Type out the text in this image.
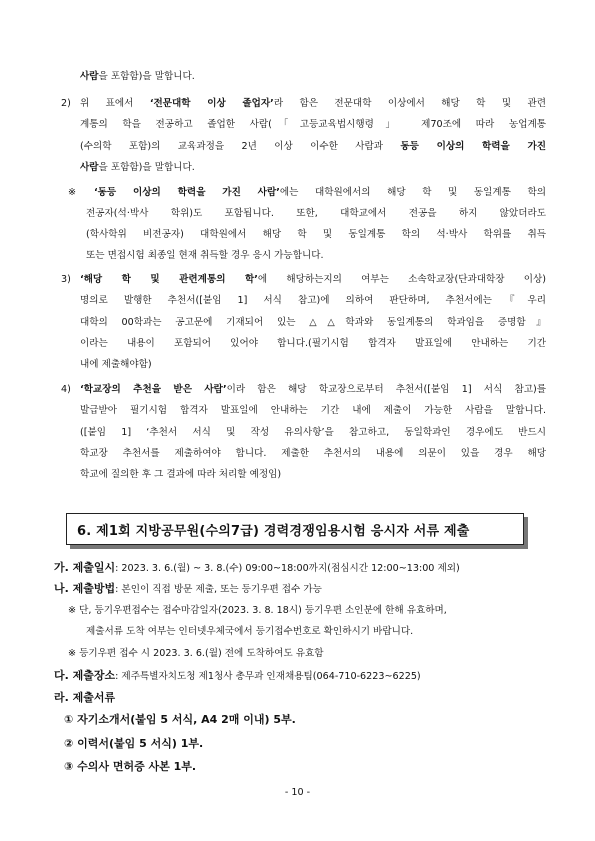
사람을 포함함)을 말합니다.
2) 위 표에서 ‘전문대학 이상 졸업자’라 함은 전문대학 이상에서 해당 학 및 관련
계통의 학을 전공하고 졸업한 사람(「고등교육법시행령」 제70조에 따라 농업계통
(수의학 포함)의 교육과정을 2년 이상 이수한 사람과 동등 이상의 학력을 가진
사람을 포함함)을 말합니다.
※ ‘동등 이상의 학력을 가진 사람’에는 대학원에서의 해당 학 및 동일계통 학의
전공자(석·박사 학위)도 포함됩니다. 또한, 대학교에서 전공을 하지 않았더라도
(학사학위 비전공자) 대학원에서 해당 학 및 동일계통 학의 석·박사 학위를 취득
또는 면접시험 최종일 현재 취득할 경우 응시 가능합니다.
3) ‘해당 학 및 관련계통의 학’에 해당하는지의 여부는 소속학교장(단과대학장 이상)
명의로 발행한 추천서([붙임 1] 서식 참고)에 의하여 판단하며, 추천서에는『우리
대학의 00학과는 공고문에 기재되어 있는 △△학과와 동일계통의 학과임을 증명함』
이라는 내용이 포함되어 있어야 합니다.(필기시험 합격자 발표일에 안내하는 기간
내에 제출해야함)
4) ‘학교장의 추천을 받은 사람’이라 함은 해당 학교장으로부터 추천서([붙임 1] 서식 참고)를
발급받아 필기시험 합격자 발표일에 안내하는 기간 내에 제출이 가능한 사람을 말합니다.
([붙임 1] ‘추천서 서식 및 작성 유의사항’을 참고하고, 동일학과인 경우에도 반드시
학교장 추천서를 제출하여야 합니다. 제출한 추천서의 내용에 의문이 있을 경우 해당
학교에 질의한 후 그 결과에 따라 처리할 예정임)
6. 제1회 지방공무원(수의7급) 경력경쟁임용시험 응시자 서류 제출
가. 제출일시: 2023. 3. 6.(월) ~ 3. 8.(수) 09:00~18:00까지(점심시간 12:00~13:00 제외)
나. 제출방법: 본인이 직접 방문 제출, 또는 등기우편 접수 가능
※ 단, 등기우편접수는 접수마감일자(2023. 3. 8. 18시) 등기우편 소인분에 한해 유효하며,
제출서류 도착 여부는 인터넷우체국에서 등기접수번호로 확인하시기 바랍니다.
※ 등기우편 접수 시 2023. 3. 6.(월) 전에 도착하여도 유효함
다. 제출장소: 제주특별자치도청 제1청사 총무과 인재채용팀(064-710-6223~6225)
라. 제출서류
① 자기소개서(붙임 5 서식, A4 2매 이내) 5부.
② 이력서(붙임 5 서식) 1부.
③ 수의사 면허증 사본 1부.
- 10 -
